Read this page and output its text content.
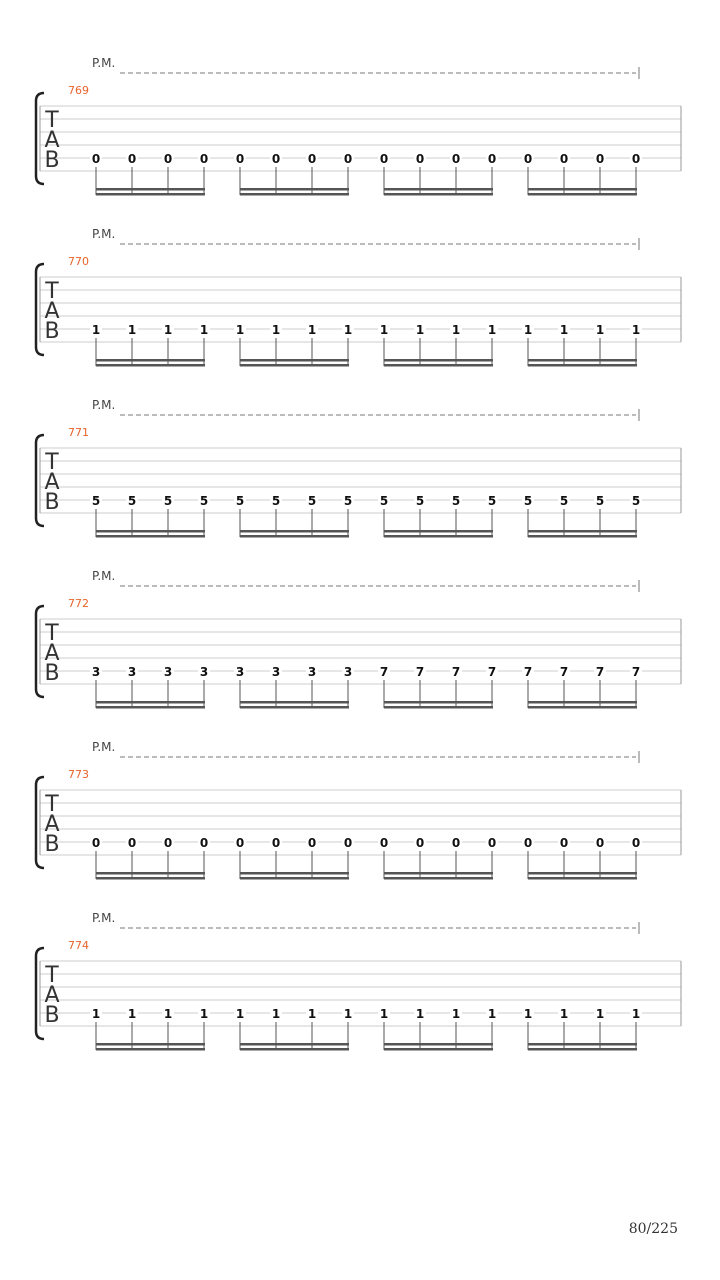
P.M.
769
T
A
B	0 0 0 0 0 0 0 0 0 0 0 0 0 0 0 0
P.M.
770
T
A
B	1 1 1 1 1 1 1 1 1 1 1 1 1 1 1 1
P.M.
771
T
A
B	5 5 5 5 5 5 5 5 5 5 5 5 5 5 5 5
P.M.
772
T
A
B	3 3 3 3 3 3 3 3 7 7 7 7 7 7 7 7
P.M.
773
T
A
B	0 0 0 0 0 0 0 0 0 0 0 0 0 0 0 0
P.M.
774
T
A
B	1 1 1 1 1 1 1 1 1 1 1 1 1 1 1 1
80/225
